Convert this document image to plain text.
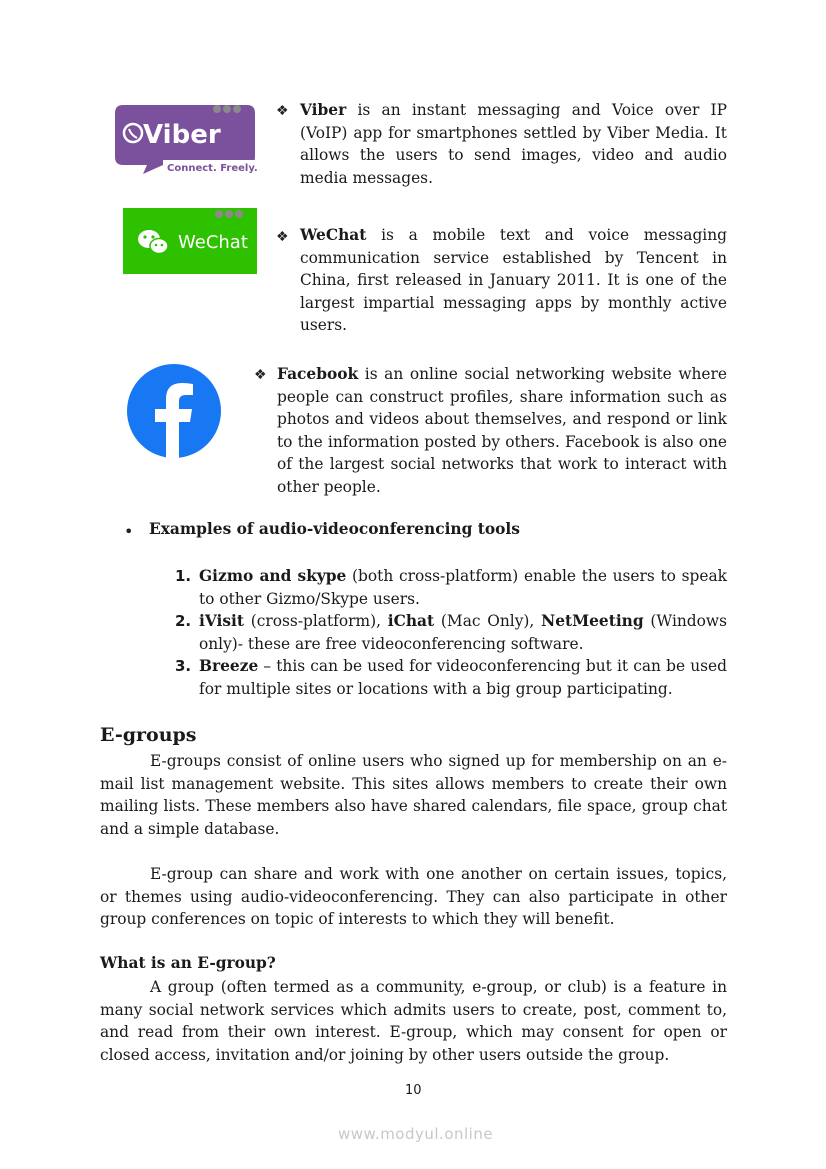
Viber
Connect. Freely.
❖ Viber is an instant messaging and Voice over IP (VoIP) app for smartphones settled by Viber Media. It allows the users to send images, video and audio media messages.
WeChat ❖ WeChat is a mobile text and voice messaging communication service established by Tencent in China, first released in January 2011. It is one of the largest impartial messaging apps by monthly active users.
❖ Facebook is an online social networking website where people can construct profiles, share information such as photos and videos about themselves, and respond or link to the information posted by others. Facebook is also one of the largest social networks that work to interact with other people.
• Examples of audio-videoconferencing tools
1. Gizmo and skype (both cross-platform) enable the users to speak to other Gizmo/Skype users.
2. iVisit (cross-platform), iChat (Mac Only), NetMeeting (Windows only)- these are free videoconferencing software.
3. Breeze – this can be used for videoconferencing but it can be used for multiple sites or locations with a big group participating.
E-groups
E-groups consist of online users who signed up for membership on an e-mail list management website. This sites allows members to create their own mailing lists. These members also have shared calendars, file space, group chat and a simple database.
E-group can share and work with one another on certain issues, topics, or themes using audio-videoconferencing. They can also participate in other group conferences on topic of interests to which they will benefit.
What is an E-group?
A group (often termed as a community, e-group, or club) is a feature in many social network services which admits users to create, post, comment to, and read from their own interest. E-group, which may consent for open or closed access, invitation and/or joining by other users outside the group.
10
www.modyul.online
